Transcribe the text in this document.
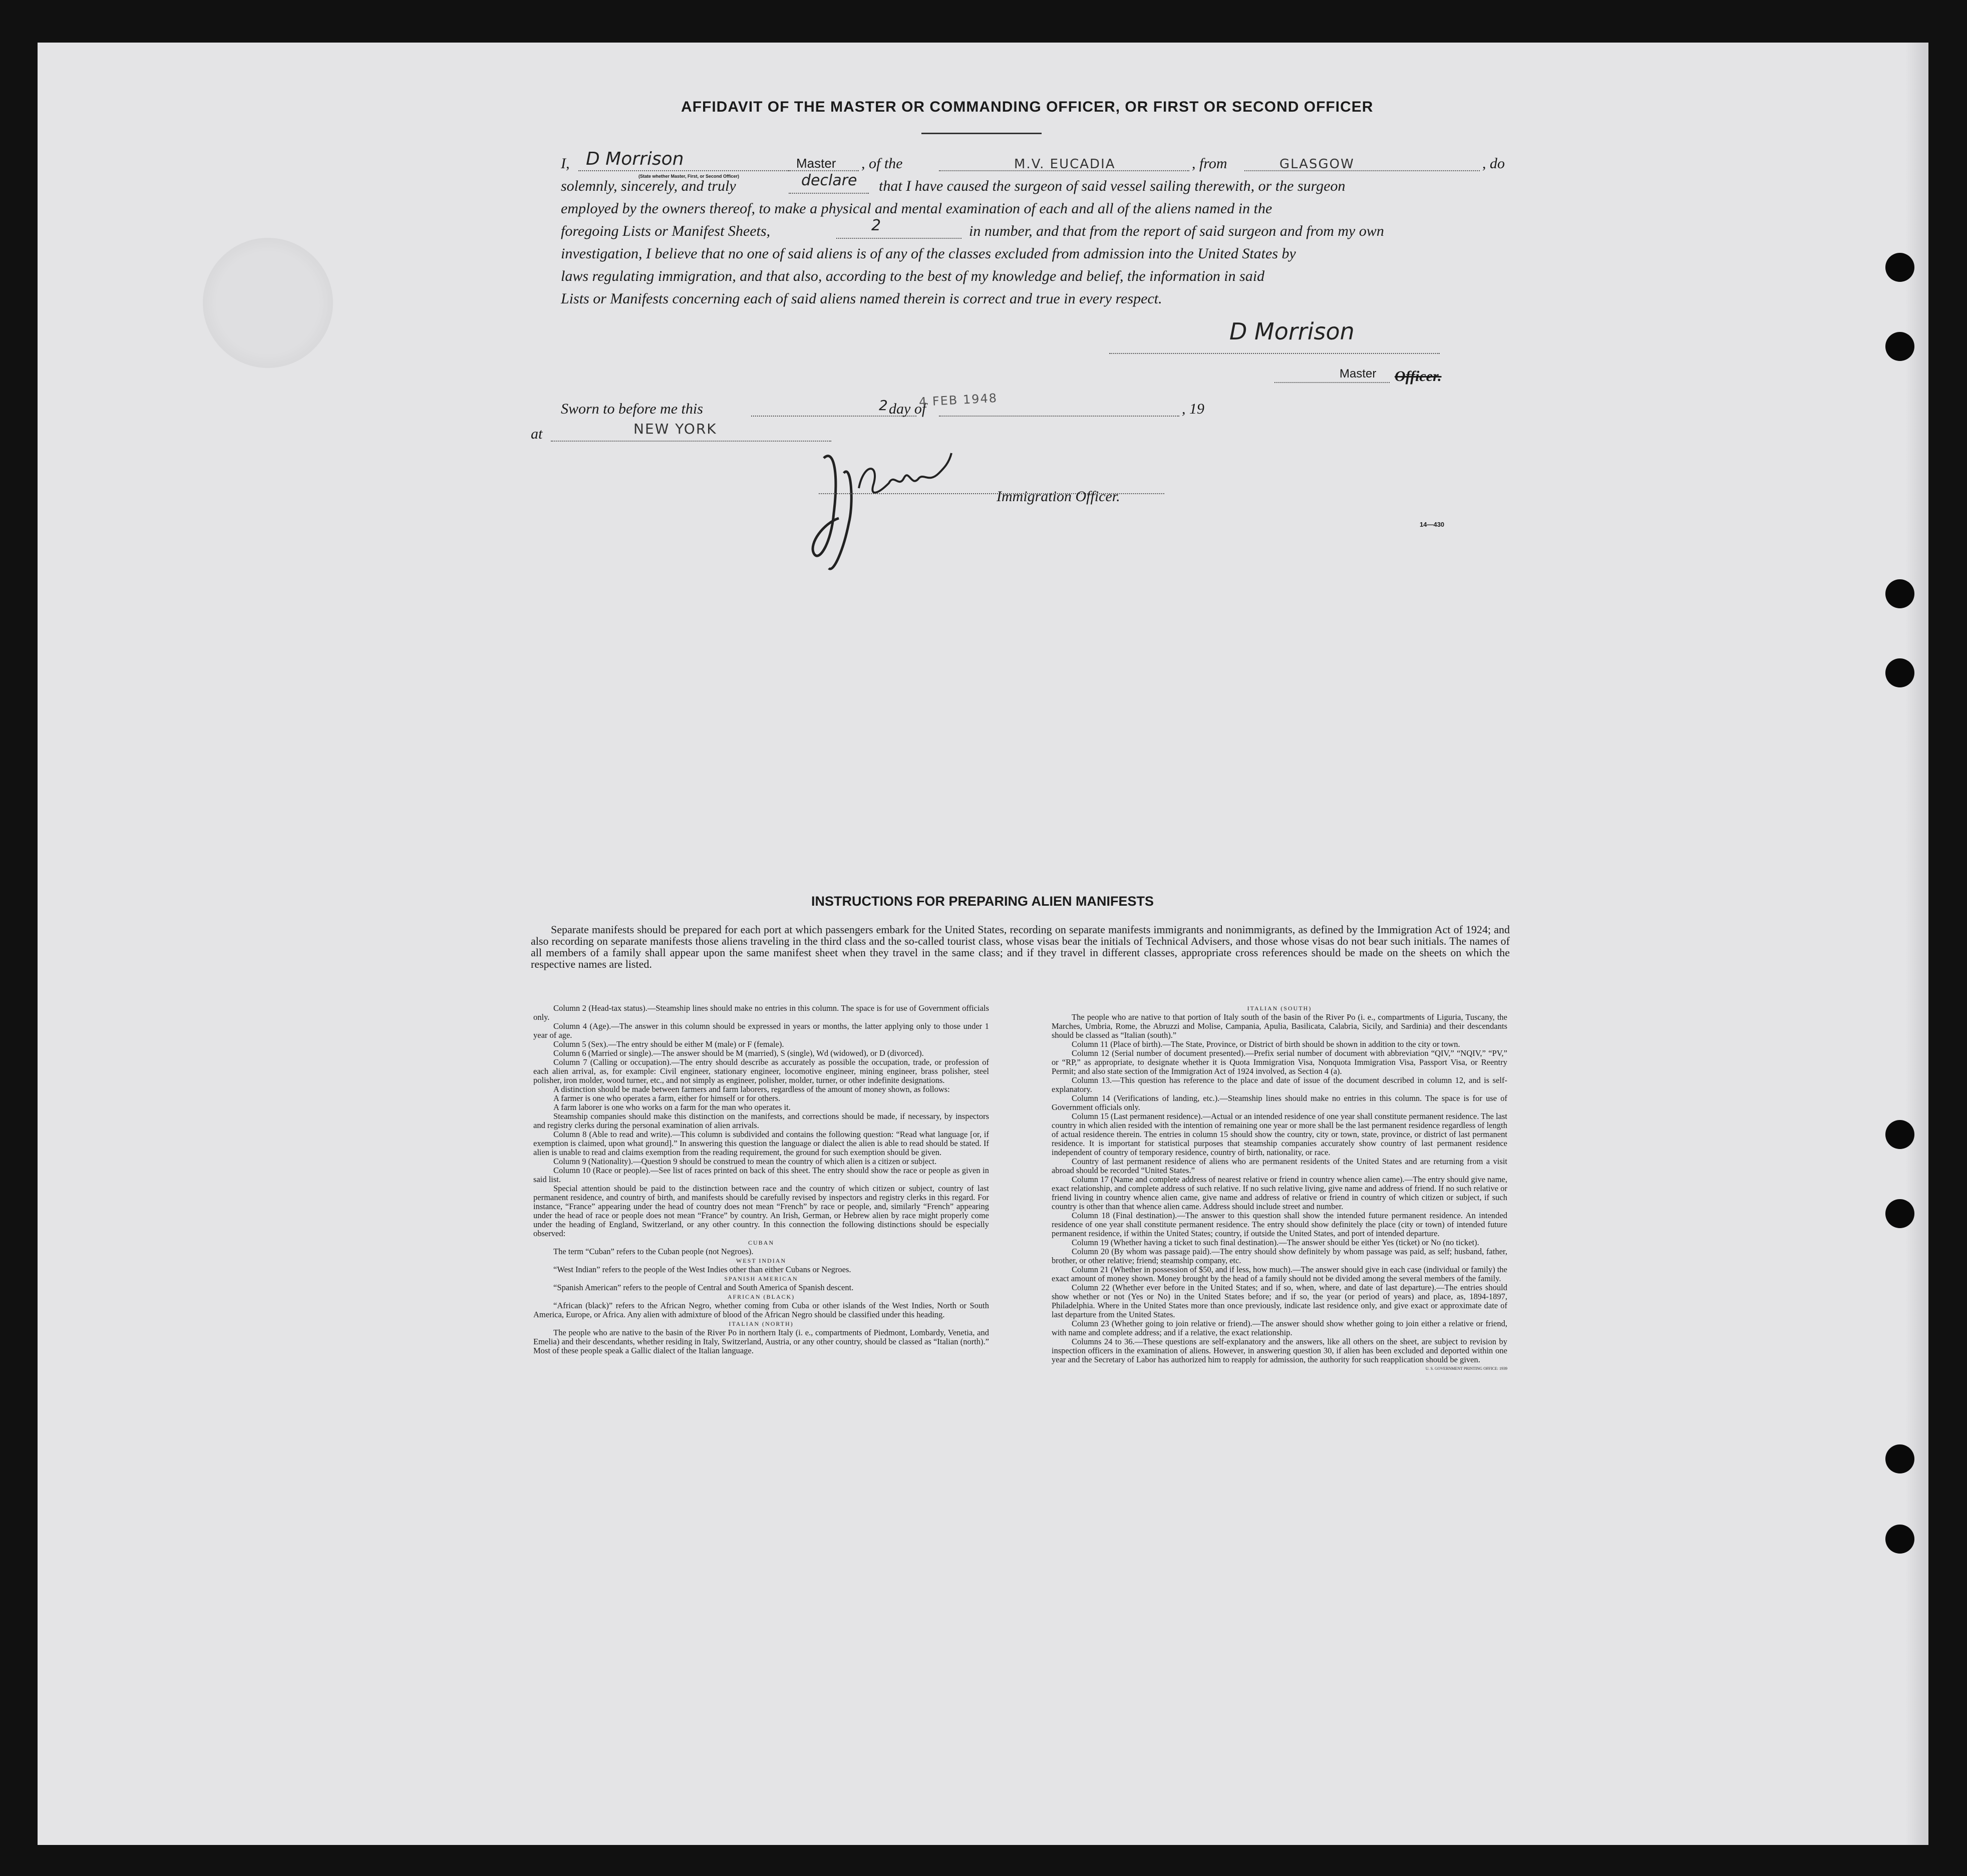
AFFIDAVIT OF THE MASTER OR COMMANDING OFFICER, OR FIRST OR SECOND OFFICER
I, D Morrison	Master , of the	M.V. EUCADIA	, from	GLASGOW	, do
(State whether Master, First, or Second Officer)
solemnly, sincerely, and truly	declare that I have caused the surgeon of said vessel sailing therewith, or the surgeon
employed by the owners thereof, to make a physical and mental examination of each and all of the aliens named in the
foregoing Lists or Manifest Sheets,	2	in number, and that from the report of said surgeon and from my own
investigation, I believe that no one of said aliens is of any of the classes excluded from admission into the United States by
laws regulating immigration, and that also, according to the best of my knowledge and belief, the information in said
Lists or Manifests concerning each of said aliens named therein is correct and true in every respect.
D Morrison
Master Officer.
Sworn to before me this	2 day of
4 FEB 1948	, 19
at	NEW YORK
Immigration Officer.
14—430
INSTRUCTIONS FOR PREPARING ALIEN MANIFESTS
Separate manifests should be prepared for each port at which passengers embark for the United States, recording on separate manifests immigrants and nonimmigrants, as defined by the Immigration Act of 1924; and also recording on separate manifests those aliens traveling in the third class and the so-called tourist class, whose visas bear the initials of Technical Advisers, and those whose visas do not bear such initials. The names of all members of a family shall appear upon the same manifest sheet when they travel in the same class; and if they travel in different classes, appropriate cross references should be made on the sheets on which the respective names are listed.

Column 2 (Head-tax status).—Steamship lines should make no entries in this column. The space is for use of Government officials only.

Column 4 (Age).—The answer in this column should be expressed in years or months, the latter applying only to those under 1 year of age.

Column 5 (Sex).—The entry should be either M (male) or F (female).

Column 6 (Married or single).—The answer should be M (married), S (single), Wd (widowed), or D (divorced).

Column 7 (Calling or occupation).—The entry should describe as accurately as possible the occupation, trade, or profession of each alien arrival, as, for example: Civil engineer, stationary engineer, locomotive engineer, mining engineer, brass polisher, steel polisher, iron molder, wood turner, etc., and not simply as engineer, polisher, molder, turner, or other indefinite designations.

A distinction should be made between farmers and farm laborers, regardless of the amount of money shown, as follows:

A farmer is one who operates a farm, either for himself or for others.

A farm laborer is one who works on a farm for the man who operates it.

Steamship companies should make this distinction on the manifests, and corrections should be made, if necessary, by inspectors and registry clerks during the personal examination of alien arrivals.

Column 8 (Able to read and write).—This column is subdivided and contains the following question: “Read what language [or, if exemption is claimed, upon what ground].” In answering this question the language or dialect the alien is able to read should be stated. If alien is unable to read and claims exemption from the reading requirement, the ground for such exemption should be given.

Column 9 (Nationality).—Question 9 should be construed to mean the country of which alien is a citizen or subject.

Column 10 (Race or people).—See list of races printed on back of this sheet. The entry should show the race or people as given in said list.

Special attention should be paid to the distinction between race and the country of which citizen or subject, country of last permanent residence, and country of birth, and manifests should be carefully revised by inspectors and registry clerks in this regard. For instance, “France” appearing under the head of country does not mean “French” by race or people, and, similarly “French” appearing under the head of race or people does not mean “France” by country. An Irish, German, or Hebrew alien by race might properly come under the heading of England, Switzerland, or any other country. In this connection the following distinctions should be especially observed:

CUBAN

The term “Cuban” refers to the Cuban people (not Negroes).

WEST INDIAN

“West Indian” refers to the people of the West Indies other than either Cubans or Negroes.

SPANISH AMERICAN

“Spanish American” refers to the people of Central and South America of Spanish descent.

AFRICAN (BLACK)

“African (black)” refers to the African Negro, whether coming from Cuba or other islands of the West Indies, North or South America, Europe, or Africa. Any alien with admixture of blood of the African Negro should be classified under this heading.

ITALIAN (NORTH)

The people who are native to the basin of the River Po in northern Italy (i. e., compartments of Piedmont, Lombardy, Venetia, and Emelia) and their descendants, whether residing in Italy, Switzerland, Austria, or any other country, should be classed as “Italian (north).” Most of these people speak a Gallic dialect of the Italian language.

ITALIAN (SOUTH)

The people who are native to that portion of Italy south of the basin of the River Po (i. e., compartments of Liguria, Tuscany, the Marches, Umbria, Rome, the Abruzzi and Molise, Campania, Apulia, Basilicata, Calabria, Sicily, and Sardinia) and their descendants should be classed as “Italian (south).”

Column 11 (Place of birth).—The State, Province, or District of birth should be shown in addition to the city or town.

Column 12 (Serial number of document presented).—Prefix serial number of document with abbreviation “QIV,” “NQIV,” “PV,” or “RP,” as appropriate, to designate whether it is Quota Immigration Visa, Nonquota Immigration Visa, Passport Visa, or Reentry Permit; and also state section of the Immigration Act of 1924 involved, as Section 4 (a).

Column 13.—This question has reference to the place and date of issue of the document described in column 12, and is self-explanatory.

Column 14 (Verifications of landing, etc.).—Steamship lines should make no entries in this column. The space is for use of Government officials only.

Column 15 (Last permanent residence).—Actual or an intended residence of one year shall constitute permanent residence. The last country in which alien resided with the intention of remaining one year or more shall be the last permanent residence regardless of length of actual residence therein. The entries in column 15 should show the country, city or town, state, province, or district of last permanent residence. It is important for statistical purposes that steamship companies accurately show country of last permanent residence independent of country of temporary residence, country of birth, nationality, or race.

Country of last permanent residence of aliens who are permanent residents of the United States and are returning from a visit abroad should be recorded “United States.”

Column 17 (Name and complete address of nearest relative or friend in country whence alien came).—The entry should give name, exact relationship, and complete address of such relative. If no such relative living, give name and address of friend. If no such relative or friend living in country whence alien came, give name and address of relative or friend in country of which citizen or subject, if such country is other than that whence alien came. Address should include street and number.

Column 18 (Final destination).—The answer to this question shall show the intended future permanent residence. An intended residence of one year shall constitute permanent residence. The entry should show definitely the place (city or town) of intended future permanent residence, if within the United States; country, if outside the United States, and port of intended departure.

Column 19 (Whether having a ticket to such final destination).—The answer should be either Yes (ticket) or No (no ticket).

Column 20 (By whom was passage paid).—The entry should show definitely by whom passage was paid, as self; husband, father, brother, or other relative; friend; steamship company, etc.

Column 21 (Whether in possession of $50, and if less, how much).—The answer should give in each case (individual or family) the exact amount of money shown. Money brought by the head of a family should not be divided among the several members of the family.

Column 22 (Whether ever before in the United States; and if so, when, where, and date of last departure).—The entries should show whether or not (Yes or No) in the United States before; and if so, the year (or period of years) and place, as, 1894-1897, Philadelphia. Where in the United States more than once previously, indicate last residence only, and give exact or approximate date of last departure from the United States.

Column 23 (Whether going to join relative or friend).—The answer should show whether going to join either a relative or friend, with name and complete address; and if a relative, the exact relationship.

Columns 24 to 36.—These questions are self-explanatory and the answers, like all others on the sheet, are subject to revision by inspection officers in the examination of aliens. However, in answering question 30, if alien has been excluded and deported within one year and the Secretary of Labor has authorized him to reapply for admission, the authority for such reapplication should be given.

U. S. GOVERNMENT PRINTING OFFICE: 1939
